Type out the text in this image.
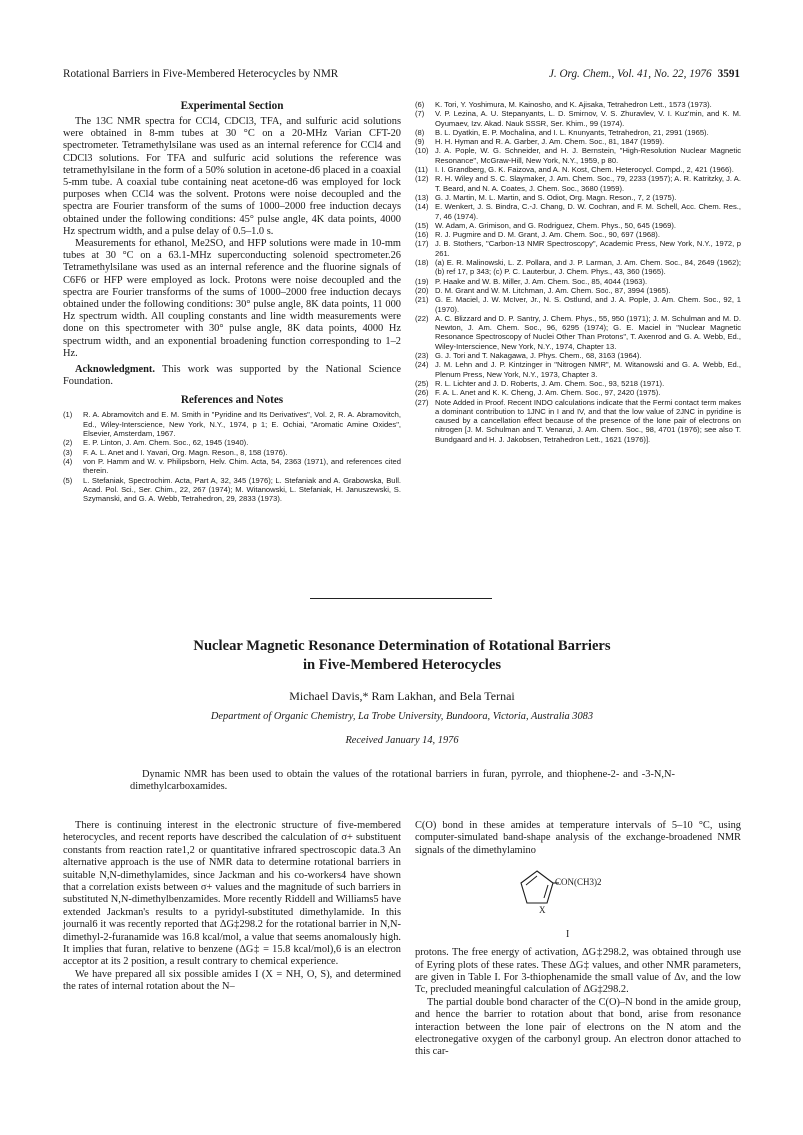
Rotational Barriers in Five-Membered Heterocycles by NMR	J. Org. Chem., Vol. 41, No. 22, 1976 3591
Experimental Section

The 13C NMR spectra for CCl4, CDCl3, TFA, and sulfuric acid solutions were obtained in 8-mm tubes at 30 °C on a 20-MHz Varian CFT-20 spectrometer. Tetramethylsilane was used as an internal reference for CCl4 and CDCl3 solutions. For TFA and sulfuric acid solutions the reference was tetramethylsilane in the form of a 50% solution in acetone-d6 placed in a coaxial 5-mm tube. A coaxial tube containing neat acetone-d6 was employed for lock purposes when CCl4 was the solvent. Protons were noise decoupled and the spectra are Fourier transform of the sums of 1000–2000 free induction decays obtained under the following conditions: 45° pulse angle, 4K data points, 4000 Hz spectrum width, and a pulse delay of 0.5–1.0 s.

Measurements for ethanol, Me2SO, and HFP solutions were made in 10-mm tubes at 30 °C on a 63.1-MHz superconducting solenoid spectrometer.26 Tetramethylsilane was used as an internal reference and the fluorine signals of C6F6 or HFP were employed as lock. Protons were noise decoupled and the spectra are Fourier transforms of the sums of 1000–2000 free induction decays obtained under the following conditions: 30° pulse angle, 8K data points, 11 000 Hz spectrum width. All coupling constants and line width measurements were done on this spectrometer with 30° pulse angle, 8K data points, 4000 Hz spectrum width, and an exponential broadening function corresponding to 1–2 Hz.

Acknowledgment. This work was supported by the National Science Foundation.

References and Notes
(1) R. A. Abramovitch and E. M. Smith in "Pyridine and Its Derivatives", Vol. 2, R. A. Abramovitch, Ed., Wiley-Interscience, New York, N.Y., 1974, p 1; E. Ochiai, "Aromatic Amine Oxides", Elsevier, Amsterdam, 1967.
(2) E. P. Linton, J. Am. Chem. Soc., 62, 1945 (1940).
(3) F. A. L. Anet and I. Yavari, Org. Magn. Reson., 8, 158 (1976).
(4) von P. Hamm and W. v. Philipsborn, Helv. Chim. Acta, 54, 2363 (1971), and references cited therein.
(5) L. Stefaniak, Spectrochim. Acta, Part A, 32, 345 (1976); L. Stefaniak and A. Grabowska, Bull. Acad. Pol. Sci., Ser. Chim., 22, 267 (1974); M. Witanowski, L. Stefaniak, H. Januszewski, S. Szymanski, and G. A. Webb, Tetrahedron, 29, 2833 (1973).
(6) K. Tori, Y. Yoshimura, M. Kainosho, and K. Ajisaka, Tetrahedron Lett., 1573 (1973).
(7) V. P. Lezina, A. U. Stepanyants, L. D. Smirnov, V. S. Zhuravlev, V. I. Kuz'min, and K. M. Oyumaev, Izv. Akad. Nauk SSSR, Ser. Khim., 99 (1974).
(8) B. L. Dyatkin, E. P. Mochalina, and I. L. Knunyants, Tetrahedron, 21, 2991 (1965).
(9) H. H. Hyman and R. A. Garber, J. Am. Chem. Soc., 81, 1847 (1959).
(10) J. A. Pople, W. G. Schneider, and H. J. Bernstein, "High-Resolution Nuclear Magnetic Resonance", McGraw-Hill, New York, N.Y., 1959, p 80.
(11) I. I. Grandberg, G. K. Faizova, and A. N. Kost, Chem. Heterocycl. Compd., 2, 421 (1966).
(12) R. H. Wiley and S. C. Slaymaker, J. Am. Chem. Soc., 79, 2233 (1957); A. R. Katritzky, J. A. T. Beard, and N. A. Coates, J. Chem. Soc., 3680 (1959).
(13) G. J. Martin, M. L. Martin, and S. Odiot, Org. Magn. Reson., 7, 2 (1975).
(14) E. Wenkert, J. S. Bindra, C.-J. Chang, D. W. Cochran, and F. M. Schell, Acc. Chem. Res., 7, 46 (1974).
(15) W. Adam, A. Grimison, and G. Rodriguez, Chem. Phys., 50, 645 (1969).
(16) R. J. Pugmire and D. M. Grant, J. Am. Chem. Soc., 90, 697 (1968).
(17) J. B. Stothers, "Carbon-13 NMR Spectroscopy", Academic Press, New York, N.Y., 1972, p 261.
(18) (a) E. R. Malinowski, L. Z. Pollara, and J. P. Larman, J. Am. Chem. Soc., 84, 2649 (1962); (b) ref 17, p 343; (c) P. C. Lauterbur, J. Chem. Phys., 43, 360 (1965).
(19) P. Haake and W. B. Miller, J. Am. Chem. Soc., 85, 4044 (1963).
(20) D. M. Grant and W. M. Litchman, J. Am. Chem. Soc., 87, 3994 (1965).
(21) G. E. Maciel, J. W. McIver, Jr., N. S. Ostlund, and J. A. Pople, J. Am. Chem. Soc., 92, 1 (1970).
(22) A. C. Blizzard and D. P. Santry, J. Chem. Phys., 55, 950 (1971); J. M. Schulman and M. D. Newton, J. Am. Chem. Soc., 96, 6295 (1974); G. E. Maciel in "Nuclear Magnetic Resonance Spectroscopy of Nuclei Other Than Protons", T. Axenrod and G. A. Webb, Ed., Wiley-Interscience, New York, N.Y., 1974, Chapter 13.
(23) G. J. Tori and T. Nakagawa, J. Phys. Chem., 68, 3163 (1964).
(24) J. M. Lehn and J. P. Kintzinger in "Nitrogen NMR", M. Witanowski and G. A. Webb, Ed., Plenum Press, New York, N.Y., 1973, Chapter 3.
(25) R. L. Lichter and J. D. Roberts, J. Am. Chem. Soc., 93, 5218 (1971).
(26) F. A. L. Anet and K. K. Cheng, J. Am. Chem. Soc., 97, 2420 (1975).
(27) Note Added in Proof. Recent INDO calculations indicate that the Fermi contact term makes a dominant contribution to 1JNC in I and IV, and that the low value of 2JNC in pyridine is caused by a cancellation effect because of the presence of the lone pair of electrons on nitrogen [J. M. Schulman and T. Venanzi, J. Am. Chem. Soc., 98, 4701 (1976); see also T. Bundgaard and H. J. Jakobsen, Tetrahedron Lett., 1621 (1976)].
Nuclear Magnetic Resonance Determination of Rotational Barriers
in Five-Membered Heterocycles
Michael Davis,* Ram Lakhan, and Bela Ternai
Department of Organic Chemistry, La Trobe University, Bundoora, Victoria, Australia 3083
Received January 14, 1976
Dynamic NMR has been used to obtain the values of the rotational barriers in furan, pyrrole, and thiophene-2- and -3-N,N-dimethylcarboxamides.

There is continuing interest in the electronic structure of five-membered heterocycles, and recent reports have described the calculation of σ+ substituent constants from reaction rate1,2 or quantitative infrared spectroscopic data.3 An alternative approach is the use of NMR data to determine rotational barriers in suitable N,N-dimethylamides, since Jackman and his co-workers4 have shown that a correlation exists between σ+ values and the magnitude of such barriers in substituted N,N-dimethylbenzamides. More recently Riddell and Williams5 have extended Jackman's results to a pyridyl-substituted dimethylamide. In this journal6 it was recently reported that ΔG‡298.2 for the rotational barrier in N,N-dimethyl-2-furanamide was 16.8 kcal/mol, a value that seems anomalously high. It implies that furan, relative to benzene (ΔG‡ = 15.8 kcal/mol),6 is an electron acceptor at its 2 position, a result contrary to chemical experience.

We have prepared all six possible amides I (X = NH, O, S), and determined the rates of internal rotation about the N–

C(O) bond in these amides at temperature intervals of 5–10 °C, using computer-simulated band-shape analysis of the exchange-broadened NMR signals of the dimethylamino

CON(CH3)2
X
I

protons. The free energy of activation, ΔG‡298.2, was obtained through use of Eyring plots of these rates. These ΔG‡ values, and other NMR parameters, are given in Table I. For 3-thiophenamide the small value of Δν, and the low Tc, precluded meaningful calculation of ΔG‡298.2.

The partial double bond character of the C(O)–N bond in the amide group, and hence the barrier to rotation about that bond, arise from resonance interaction between the lone pair of electrons on the N atom and the electronegative oxygen of the carbonyl group. An electron donor attached to this car-
